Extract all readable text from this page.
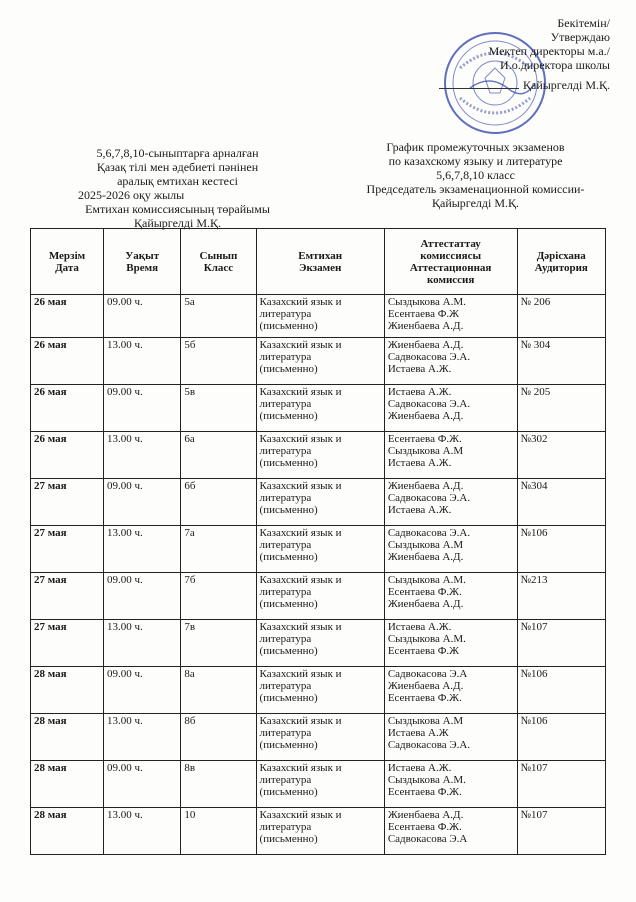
Бекітемін/
Утверждаю
Мектеп директоры м.а./
И.о.директора школы
Қайыргелді М.Қ.
5,6,7,8,10-сыныптарға арналған
Қазақ тілі мен әдебиеті пәнінен
аралық емтихан кестесі
2025-2026 оқу жылы
Емтихан комиссиясының төрайымы
Қайыргелді М.Қ.
График промежуточных экзаменов
по казахскому языку и литературе
5,6,7,8,10 класс
Председатель экзаменационной комиссии-
Қайыргелді М.Қ.
Мерзім
Дата	Уақыт
Время	Сынып
Класс	Емтихан
Экзамен	Аттестаттау
комиссиясы
Аттестационная
комиссия	Дәрісхана
Аудитория

26 мая	09.00 ч.	5а	Казахский язык и
литература
(письменно)	Сыздыкова А.М.
Есентаева Ф.Ж
Жиенбаева А.Д.	№ 206
26 мая	13.00 ч.	5б	Казахский язык и
литература
(письменно)	Жиенбаева А.Д.
Садвокасова Э.А.
Истаева А.Ж.	№ 304
26 мая	09.00 ч.	5в	Казахский язык и
литература
(письменно)	Истаева А.Ж.
Садвокасова Э.А.
Жиенбаева А.Д.	№ 205
26 мая	13.00 ч.	6а	Казахский язык и
литература
(письменно)	Есентаева Ф.Ж.
Сыздыкова А.М
Истаева А.Ж.	№302
27 мая	09.00 ч.	6б	Казахский язык и
литература
(письменно)	Жиенбаева А.Д.
Садвокасова Э.А.
Истаева А.Ж.	№304
27 мая	13.00 ч.	7а	Казахский язык и
литература
(письменно)	Садвокасова Э.А.
Сыздыкова А.М
Жиенбаева А.Д.	№106
27 мая	09.00 ч.	7б	Казахский язык и
литература
(письменно)	Сыздыкова А.М.
Есентаева Ф.Ж.
Жиенбаева А.Д.	№213
27 мая	13.00 ч.	7в	Казахский язык и
литература
(письменно)	Истаева А.Ж.
Сыздыкова А.М.
Есентаева Ф.Ж	№107
28 мая	09.00 ч.	8а	Казахский язык и
литература
(письменно)	Садвокасова Э.А
Жиенбаева А.Д.
Есентаева Ф.Ж.	№106
28 мая	13.00 ч.	8б	Казахский язык и
литература
(письменно)	Сыздыкова А.М
Истаева А.Ж
Садвокасова Э.А.	№106
28 мая	09.00 ч.	8в	Казахский язык и
литература
(письменно)	Истаева А.Ж.
Сыздыкова А.М.
Есентаева Ф.Ж.	№107
28 мая	13.00 ч.	10	Казахский язык и
литература
(письменно)	Жиенбаева А.Д.
Есентаева Ф.Ж.
Садвокасова Э.А	№107
